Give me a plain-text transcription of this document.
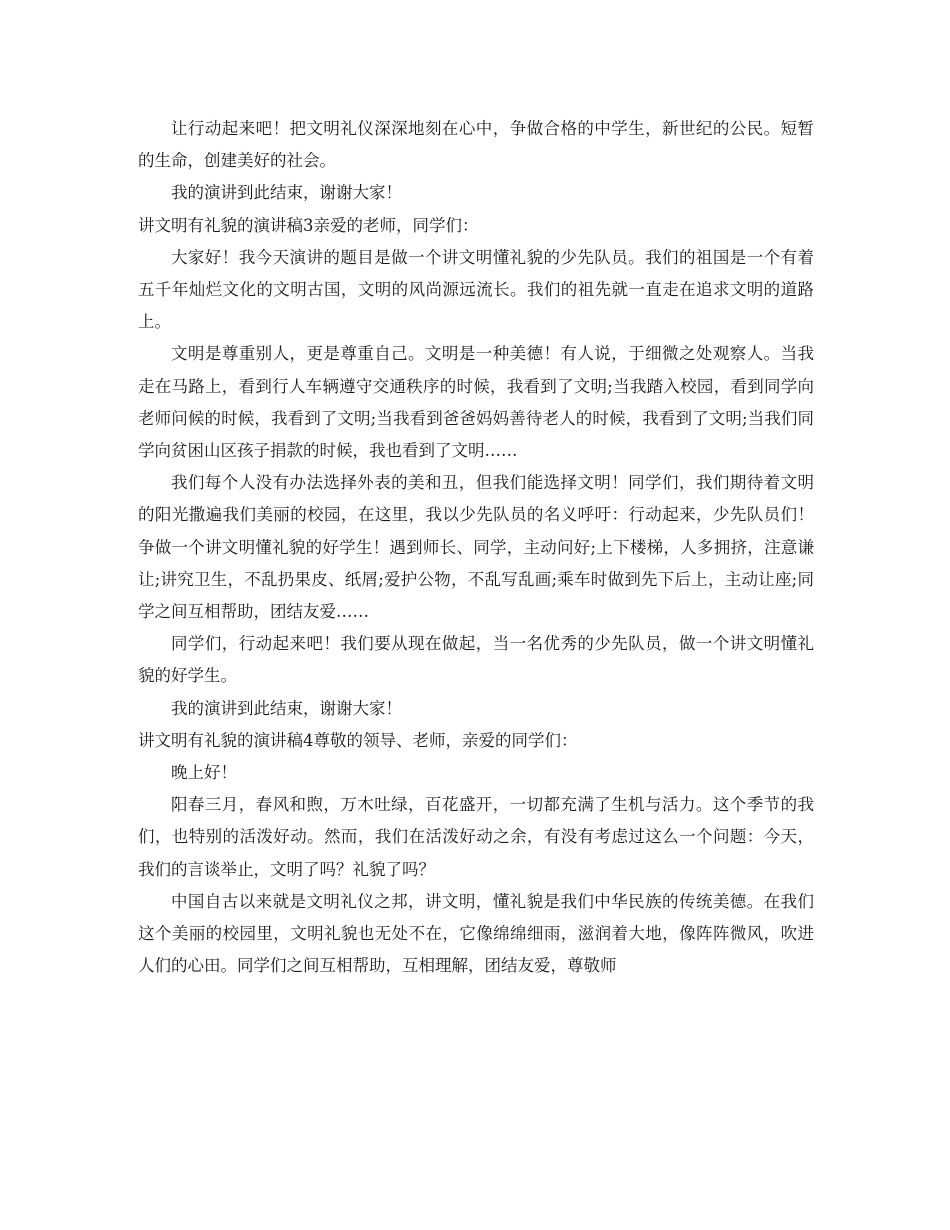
让行动起来吧！把文明礼仪深深地刻在心中，争做合格的中学生，新世纪的公民。短暂的生命，创建美好的社会。

我的演讲到此结束，谢谢大家！

讲文明有礼貌的演讲稿3亲爱的老师，同学们：

大家好！我今天演讲的题目是做一个讲文明懂礼貌的少先队员。我们的祖国是一个有着五千年灿烂文化的文明古国，文明的风尚源远流长。我们的祖先就一直走在追求文明的道路上。

文明是尊重别人，更是尊重自己。文明是一种美德！有人说，于细微之处观察人。当我走在马路上，看到行人车辆遵守交通秩序的时候，我看到了文明;当我踏入校园，看到同学向老师问候的时候，我看到了文明;当我看到爸爸妈妈善待老人的时候，我看到了文明;当我们同学向贫困山区孩子捐款的时候，我也看到了文明……

我们每个人没有办法选择外表的美和丑，但我们能选择文明！同学们，我们期待着文明的阳光撒遍我们美丽的校园，在这里，我以少先队员的名义呼吁：行动起来，少先队员们！争做一个讲文明懂礼貌的好学生！遇到师长、同学，主动问好;上下楼梯，人多拥挤，注意谦让;讲究卫生，不乱扔果皮、纸屑;爱护公物，不乱写乱画;乘车时做到先下后上，主动让座;同学之间互相帮助，团结友爱……

同学们，行动起来吧！我们要从现在做起，当一名优秀的少先队员，做一个讲文明懂礼貌的好学生。

我的演讲到此结束，谢谢大家！

讲文明有礼貌的演讲稿4尊敬的领导、老师，亲爱的同学们：

晚上好！

阳春三月，春风和煦，万木吐绿，百花盛开，一切都充满了生机与活力。这个季节的我们，也特别的活泼好动。然而，我们在活泼好动之余，有没有考虑过这么一个问题：今天，我们的言谈举止，文明了吗？礼貌了吗？

中国自古以来就是文明礼仪之邦，讲文明，懂礼貌是我们中华民族的传统美德。在我们这个美丽的校园里，文明礼貌也无处不在，它像绵绵细雨，滋润着大地，像阵阵微风，吹进人们的心田。同学们之间互相帮助，互相理解，团结友爱，尊敬师
